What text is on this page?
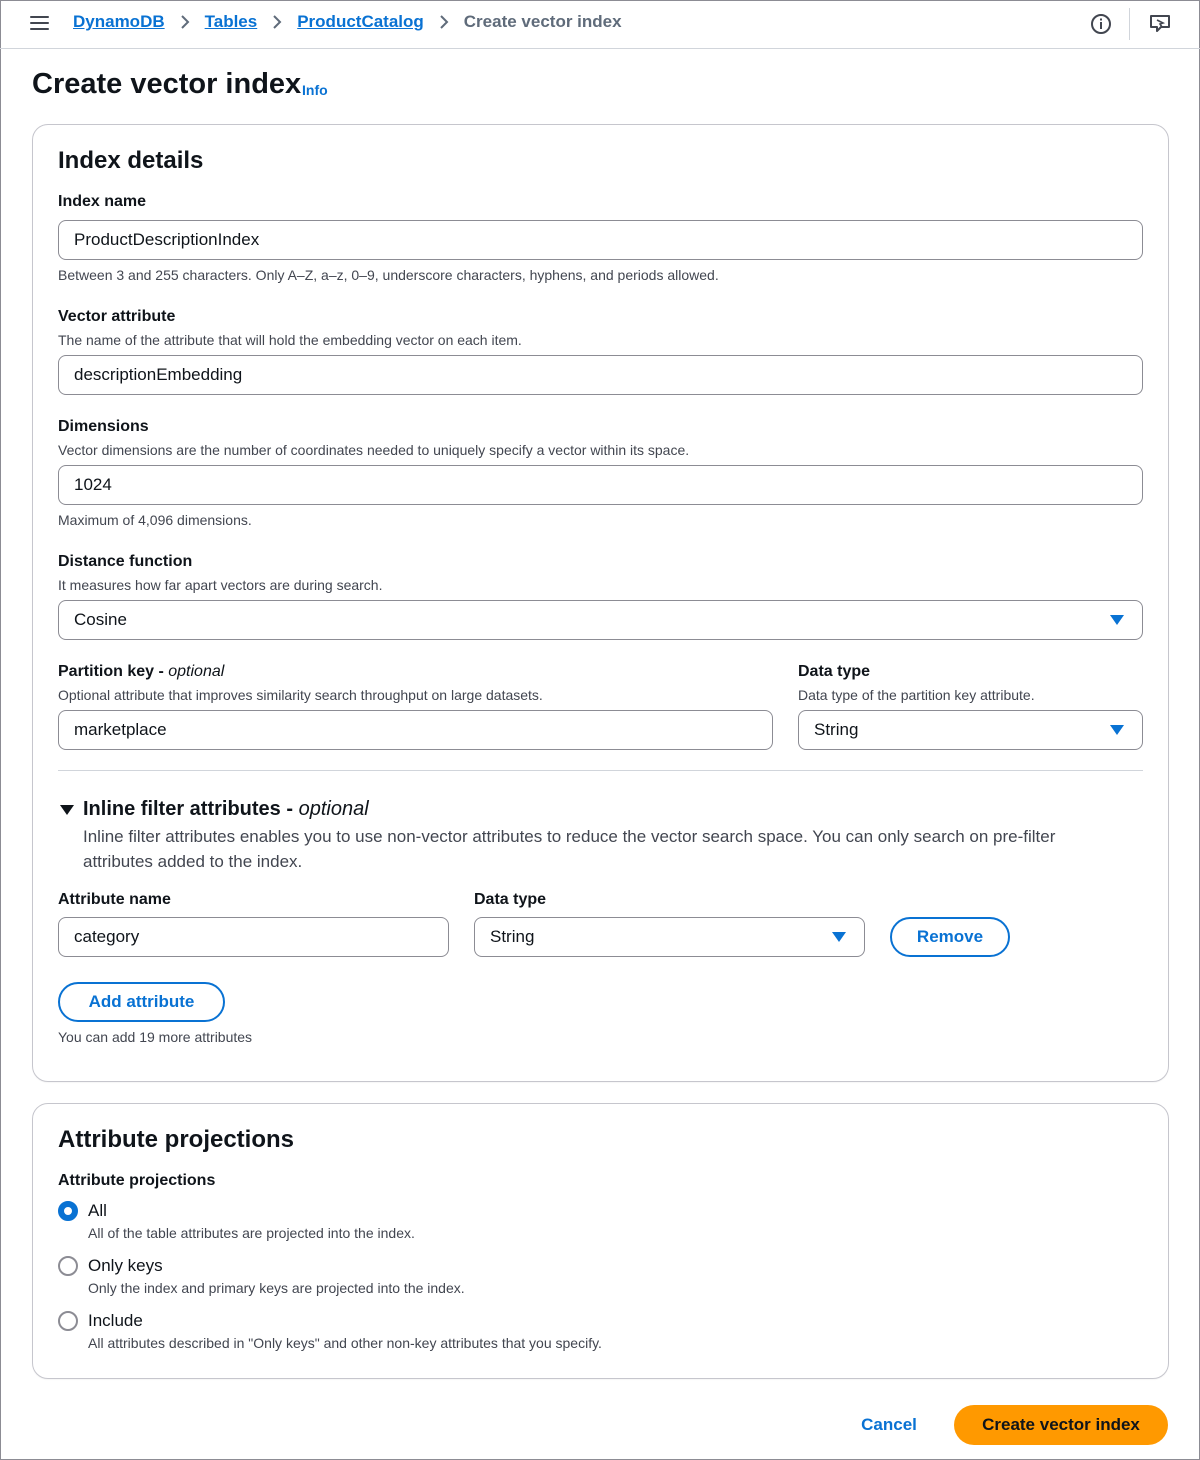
DynamoDB Tables ProductCatalog Create vector index
Create vector index Info
Index details
Index name
ProductDescriptionIndex
Between 3 and 255 characters. Only A–Z, a–z, 0–9, underscore characters, hyphens, and periods allowed.
Vector attribute
The name of the attribute that will hold the embedding vector on each item.
descriptionEmbedding
Dimensions
Vector dimensions are the number of coordinates needed to uniquely specify a vector within its space.
1024
Maximum of 4,096 dimensions.
Distance function
It measures how far apart vectors are during search.
Cosine
Partition key - optional
Optional attribute that improves similarity search throughput on large datasets.
marketplace
Data type
Data type of the partition key attribute.
String
Inline filter attributes - optional
Inline filter attributes enables you to use non-vector attributes to reduce the vector search space. You can only search on pre-filter attributes added to the index.
Attribute name	Data type
category	String	Remove
Add attribute
You can add 19 more attributes
Attribute projections
Attribute projections
All
All of the table attributes are projected into the index.
Only keys
Only the index and primary keys are projected into the index.
Include
All attributes described in "Only keys" and other non-key attributes that you specify.
Cancel	Create vector index
